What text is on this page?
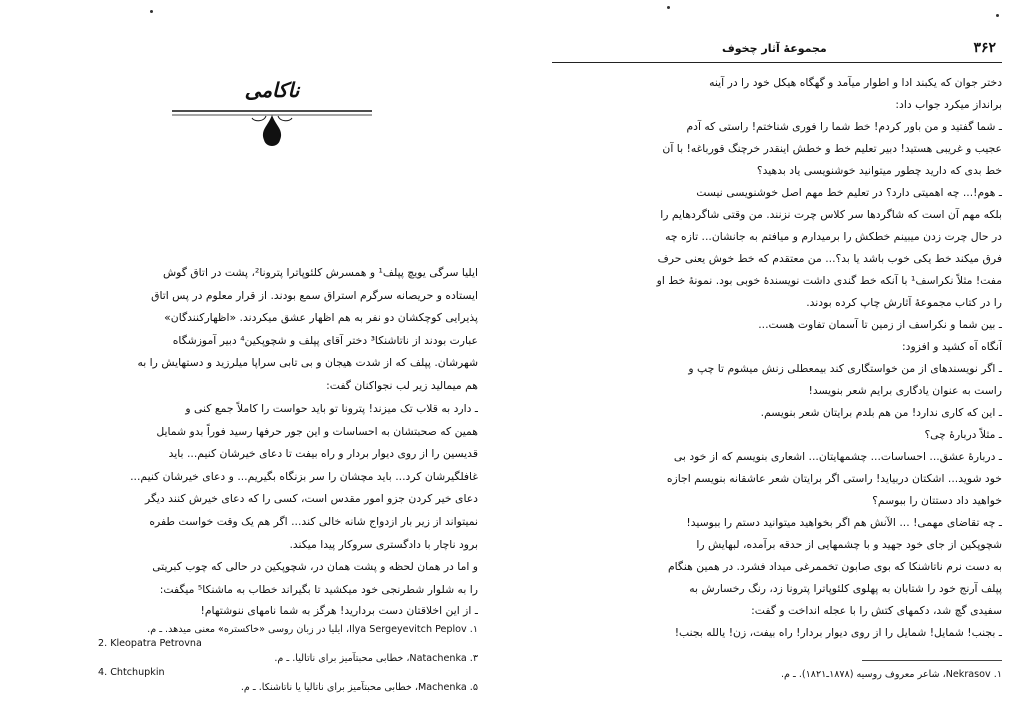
ناکامی
ایلیا سرگی یویچ پپلف¹ و همسرش کلئوپاترا پترونا²، پشت در اتاق گوش
ایستاده و حریصانه سرگرم استراق سمع بودند. از قرار معلوم در پس اتاق
پذیرایی کوچکشان دو نفر به هم اظهار عشق میکردند. «اظهارکنندگان»
عبارت بودند از ناتاشنکا³ دختر آقای پپلف و شچوپکین⁴ دبیر آموزشگاه
شهرشان. پپلف که از شدت هیجان و بی تابی سراپا میلرزید و دستهایش را به
هم میمالید زیر لب نجواکنان گفت:
ـ دارد به قلاب تک میزند! پترونا تو باید حواست را کاملاً جمع کنی و
همین که صحبتشان به احساسات و این جور حرفها رسید فوراً بدو شمایل
قدیسین را از روی دیوار بردار و راه بیفت تا دعای خیرشان کنیم... باید
غافلگیرشان کرد... باید مچشان را سر بزنگاه بگیریم... و دعای خیرشان کنیم...
دعای خیر کردن جزو امور مقدس است، کسی را که دعای خیرش کنند دیگر
نمیتواند از زیر بار ازدواج شانه خالی کند... اگر هم یک وقت خواست طفره
برود ناچار با دادگستری سروکار پیدا میکند.
و اما در همان لحظه و پشت همان در، شچوپکین در حالی که چوب کبریتی
را به شلوار شطرنجی خود میکشید تا بگیراند خطاب به ماشنکا⁵ میگفت:
ـ از این اخلاقتان دست بردارید! هرگز به شما نامهای ننوشتهام!
۱. Ilya Sergeyevitch Peplov، ایلیا در زبان روسی «خاکستره» معنی میدهد. ـ م.
2. Kleopatra Petrovna
۳. Natachenka، خطابی محبتآمیز برای ناتالیا. ـ م.
4. Chtchupkin
۵. Machenka، خطابی محبتآمیز برای ناتالیا یا ناتاشنکا. ـ م.
۳۶۲
مجموعهٔ آثار چخوف
دختر جوان که یکبند ادا و اطوار میآمد و گهگاه هیکل خود را در آینه
برانداز میکرد جواب داد:
ـ شما گفتید و من باور کردم! خط شما را فوری شناختم! راستی که آدم
عجیب و غریبی هستید! دبیر تعلیم خط و خطش اینقدر خرچنگ قورباغه! با آن
خط بدی که دارید چطور میتوانید خوشنویسی یاد بدهید؟
ـ هوم!... چه اهمیتی دارد؟ در تعلیم خط مهم اصل خوشنویسی نیست
بلکه مهم آن است که شاگردها سر کلاس چرت نزنند. من وقتی شاگردهایم را
در حال چرت زدن میبینم خطکش را برمیدارم و میافتم به جانشان... تازه چه
فرق میکند خط یکی خوب باشد یا بد؟... من معتقدم که خط خوش یعنی حرف
مفت! مثلاً نکراسف¹ با آنکه خط گندی داشت نویسندهٔ خوبی بود. نمونهٔ خط او
را در کتاب مجموعهٔ آثارش چاپ کرده بودند.
ـ بین شما و نکراسف از زمین تا آسمان تفاوت هست...
آنگاه آه کشید و افزود:
ـ اگر نویسندهای از من خواستگاری کند بیمعطلی زنش میشوم تا چپ و
راست به عنوان یادگاری برایم شعر بنویسد!
ـ این که کاری ندارد! من هم بلدم برایتان شعر بنویسم.
ـ مثلاً دربارهٔ چی؟
ـ دربارهٔ عشق... احساسات... چشمهایتان... اشعاری بنویسم که از خود بی
خود شوید... اشکتان دربیاید! راستی اگر برایتان شعر عاشقانه بنویسم اجازه
خواهید داد دستتان را ببوسم؟
ـ چه تقاضای مهمی! ... الآنش هم اگر بخواهید میتوانید دستم را ببوسید!
شچوپکین از جای خود جهید و با چشمهایی از حدقه برآمده، لبهایش را
به دست نرم ناتاشنکا که بوی صابون تخممرغی میداد فشرد. در همین هنگام
پپلف آرنج خود را شتابان به پهلوی کلئوپاترا پترونا زد، رنگ رخسارش به
سفیدی گچ شد، دکمهای کتش را با عجله انداخت و گفت:
ـ بجنب! شمایل! شمایل را از روی دیوار بردار! راه بیفت، زن! یالله بجنب!
۱. Nekrasov، شاعر معروف روسیه (۱۸۷۸ـ۱۸۲۱). ـ م.
